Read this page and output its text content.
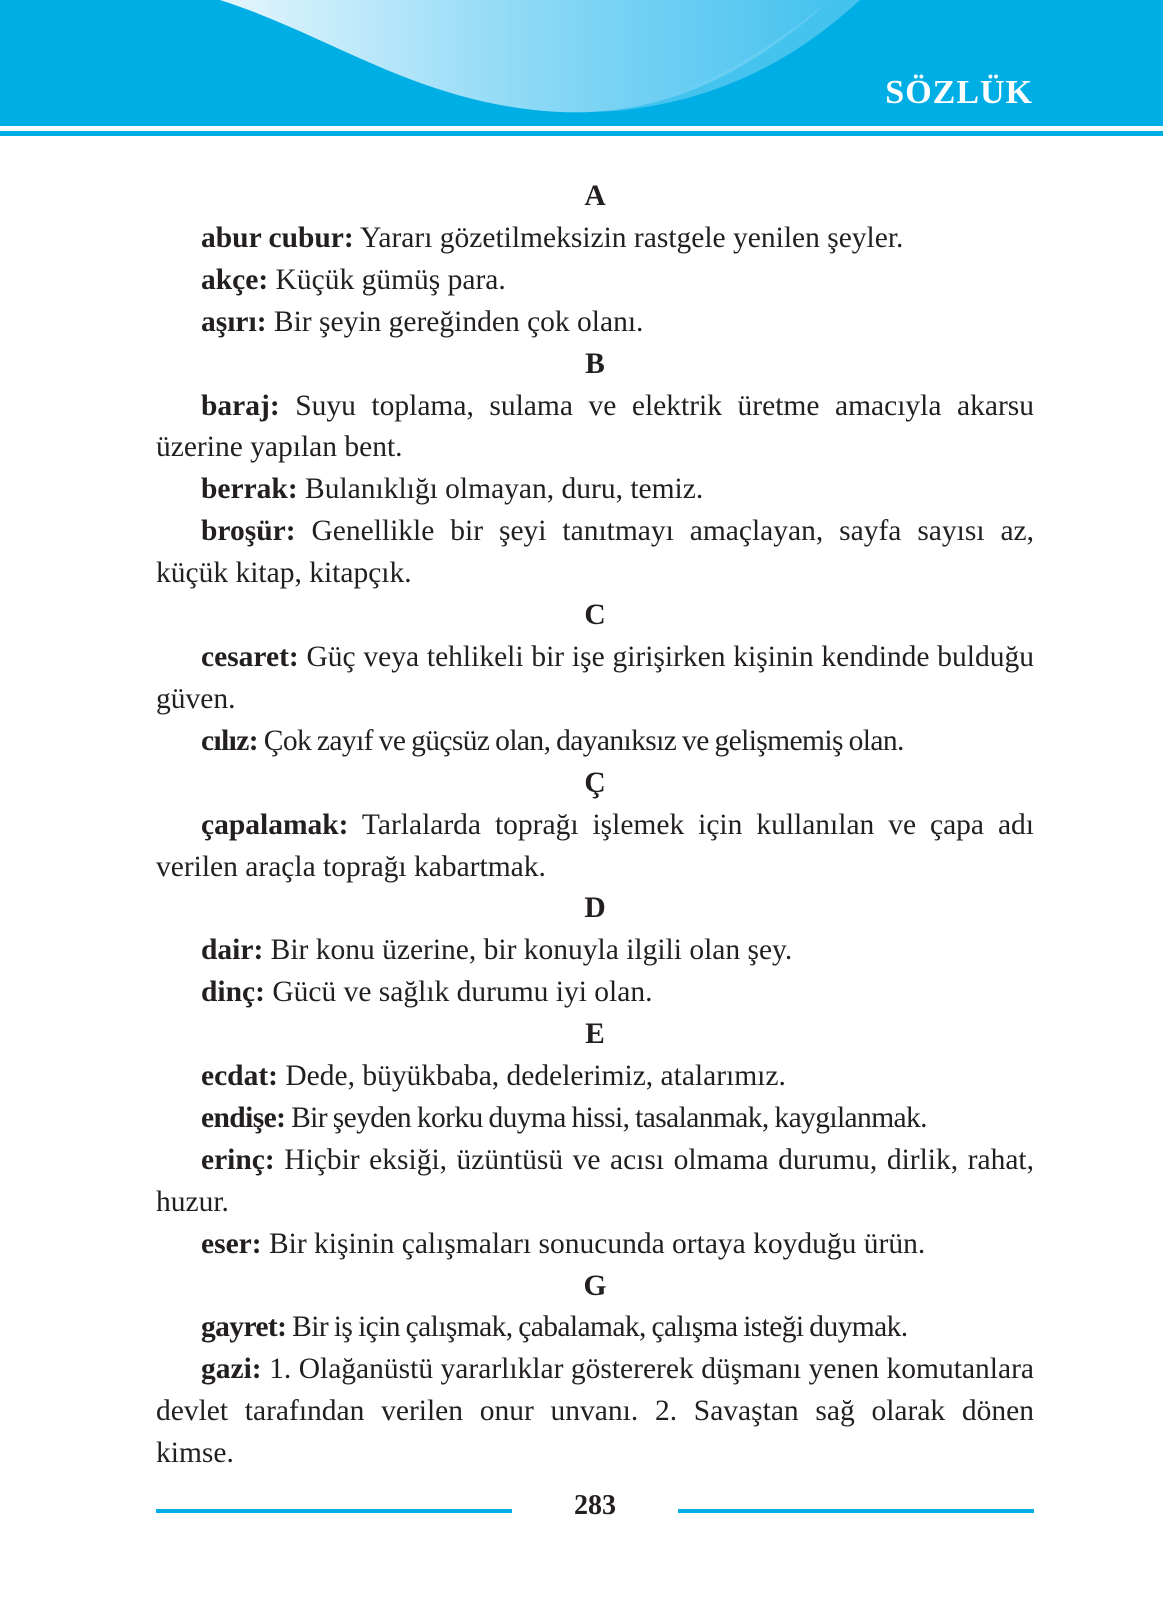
SÖZLÜK
A

abur cubur: Yararı gözetilmeksizin rastgele yenilen şeyler.

akçe: Küçük gümüş para.

aşırı: Bir şeyin gereğinden çok olanı.

B

baraj: Suyu toplama, sulama ve elektrik üretme amacıyla akarsu üzerine yapılan bent.

berrak: Bulanıklığı olmayan, duru, temiz.

broşür: Genellikle bir şeyi tanıtmayı amaçlayan, sayfa sayısı az, küçük kitap, kitapçık.

C

cesaret: Güç veya tehlikeli bir işe girişirken kişinin kendinde bulduğu güven.

cılız: Çok zayıf ve güçsüz olan, dayanıksız ve gelişmemiş olan.

Ç

çapalamak: Tarlalarda toprağı işlemek için kullanılan ve çapa adı verilen araçla toprağı kabartmak.

D

dair: Bir konu üzerine, bir konuyla ilgili olan şey.

dinç: Gücü ve sağlık durumu iyi olan.

E

ecdat: Dede, büyükbaba, dedelerimiz, atalarımız.

endişe: Bir şeyden korku duyma hissi, tasalanmak, kaygılanmak.

erinç: Hiçbir eksiği, üzüntüsü ve acısı olmama durumu, dirlik, rahat, huzur.

eser: Bir kişinin çalışmaları sonucunda ortaya koyduğu ürün.

G

gayret: Bir iş için çalışmak, çabalamak, çalışma isteği duymak.

gazi: 1. Olağanüstü yararlıklar göstererek düşmanı yenen komutanlara devlet tarafından verilen onur unvanı. 2. Savaştan sağ olarak dönen kimse.

283
